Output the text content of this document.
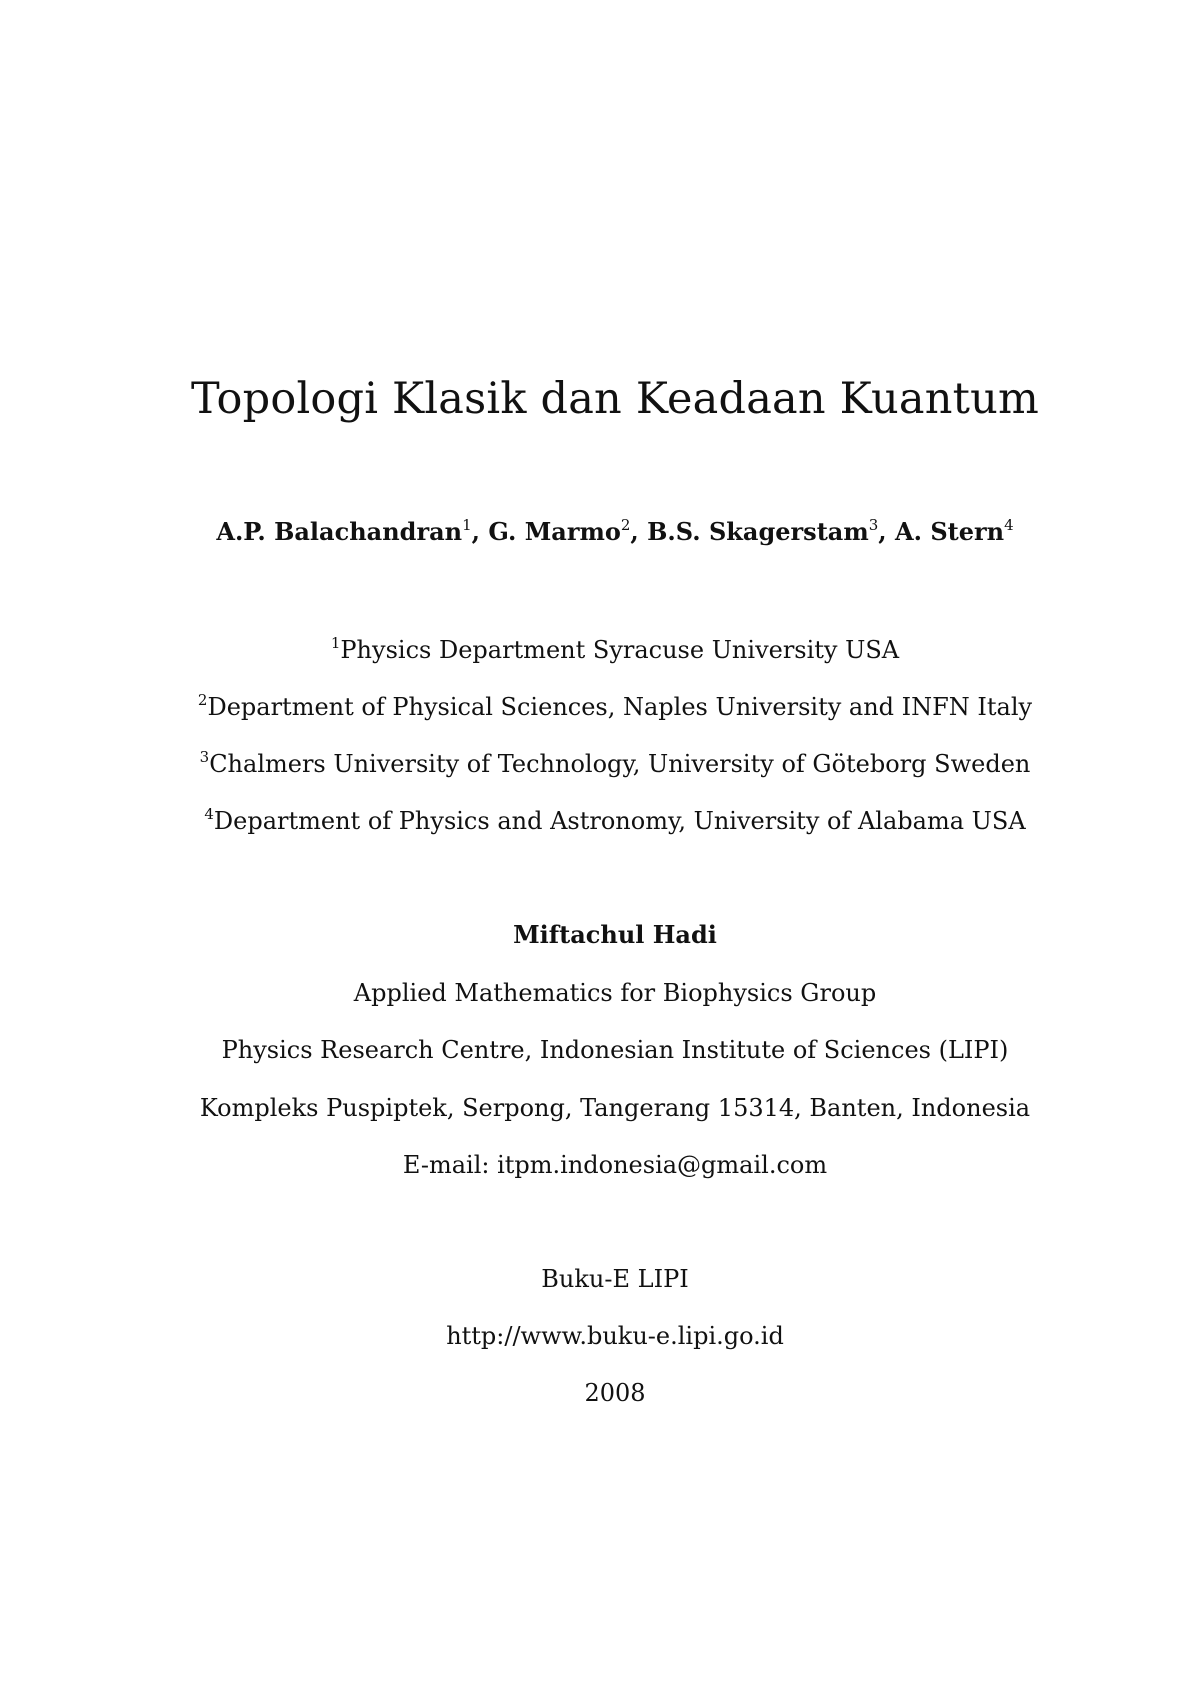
Topologi Klasik dan Keadaan Kuantum
A.P. Balachandran$^1$, G. Marmo$^2$, B.S. Skagerstam$^3$, A. Stern$^4$
$^1$Physics Department Syracuse University USA
$^2$Department of Physical Sciences, Naples University and INFN Italy
$^3$Chalmers University of Technology, University of Göteborg Sweden
$^4$Department of Physics and Astronomy, University of Alabama USA
Miftachul Hadi
Applied Mathematics for Biophysics Group
Physics Research Centre, Indonesian Institute of Sciences (LIPI)
Kompleks Puspiptek, Serpong, Tangerang 15314, Banten, Indonesia
E-mail: itpm.indonesia@gmail.com
Buku-E LIPI
http://www.buku-e.lipi.go.id
2008
